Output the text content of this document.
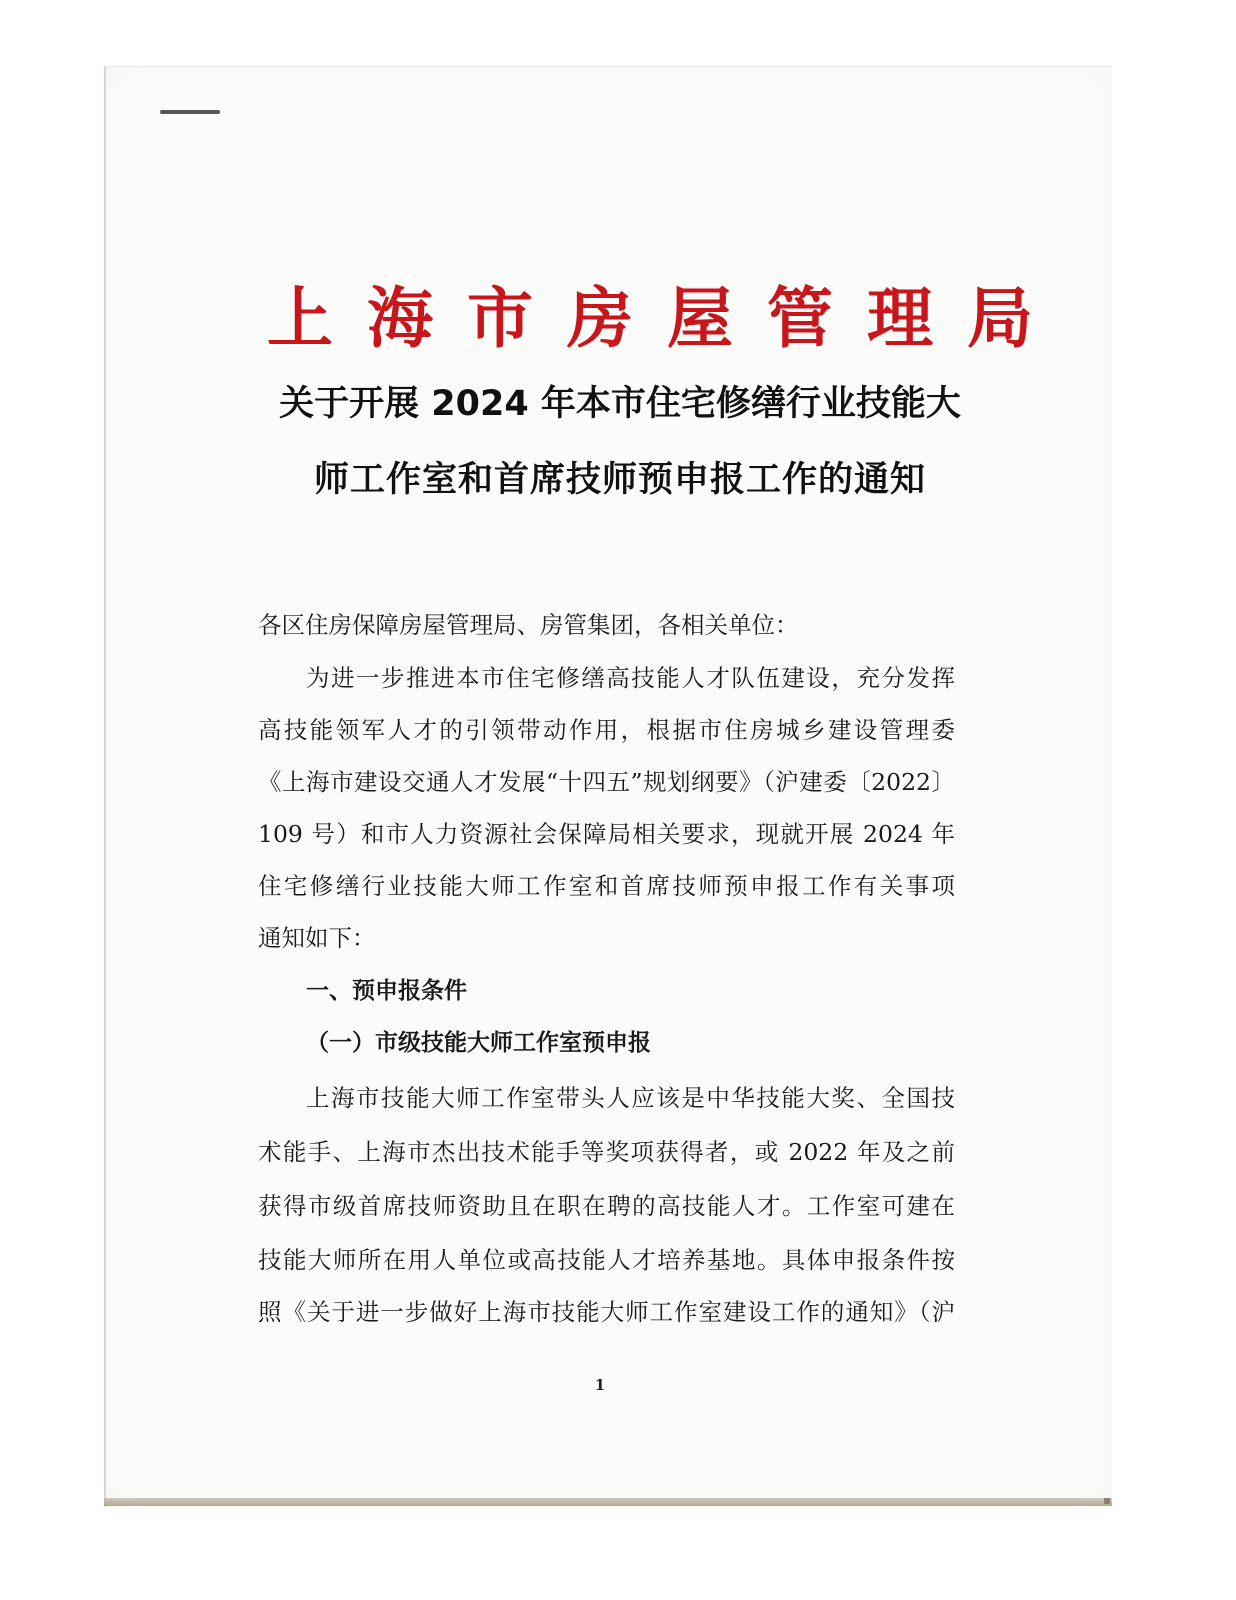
上海市房屋管理局
关于开展 2024 年本市住宅修缮行业技能大
师工作室和首席技师预申报工作的通知
各区住房保障房屋管理局、房管集团，各相关单位：
为进一步推进本市住宅修缮高技能人才队伍建设，充分发挥
高技能领军人才的引领带动作用，根据市住房城乡建设管理委
《上海市建设交通人才发展“十四五”规划纲要》（沪建委〔2022〕
109 号）和市人力资源社会保障局相关要求，现就开展 2024 年
住宅修缮行业技能大师工作室和首席技师预申报工作有关事项
通知如下：
一、预申报条件
（一）市级技能大师工作室预申报
上海市技能大师工作室带头人应该是中华技能大奖、全国技
术能手、上海市杰出技术能手等奖项获得者，或 2022 年及之前
获得市级首席技师资助且在职在聘的高技能人才。工作室可建在
技能大师所在用人单位或高技能人才培养基地。具体申报条件按
照《关于进一步做好上海市技能大师工作室建设工作的通知》（沪
1
